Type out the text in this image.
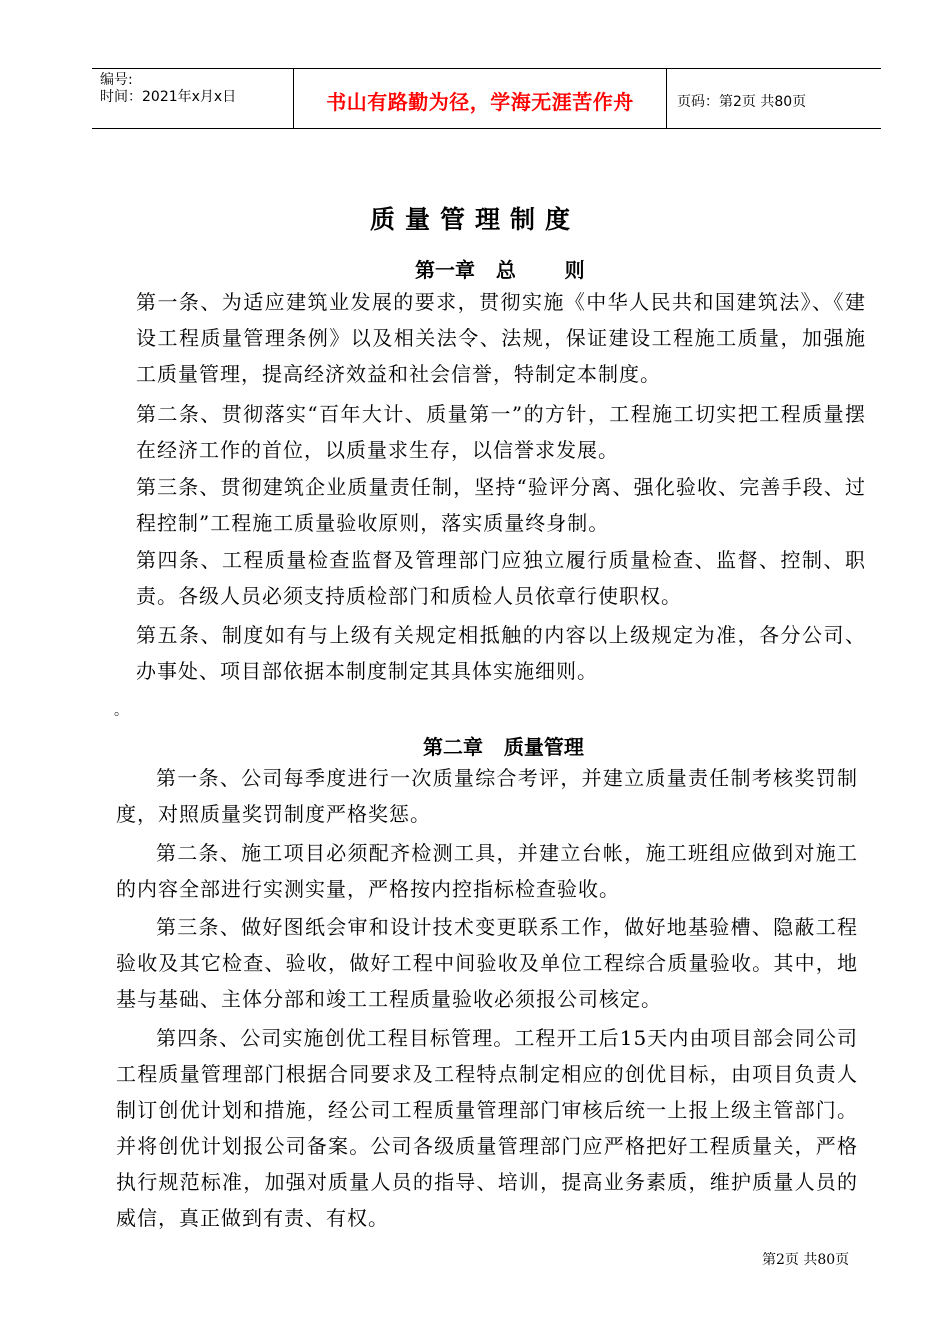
编号:
时间：2021年x月x日	书山有路勤为径，学海无涯苦作舟	页码：第2页 共80页
质量管理制度
第一章   总       则
第一条、为适应建筑业发展的要求，贯彻实施《中华人民共和国建筑法》、《建设工程质量管理条例》以及相关法令、法规，保证建设工程施工质量，加强施工质量管理，提高经济效益和社会信誉，特制定本制度。
第二条、贯彻落实“百年大计、质量第一”的方针，工程施工切实把工程质量摆在经济工作的首位，以质量求生存，以信誉求发展。
第三条、贯彻建筑企业质量责任制，坚持“验评分离、强化验收、完善手段、过程控制”工程施工质量验收原则，落实质量终身制。
第四条、工程质量检查监督及管理部门应独立履行质量检查、监督、控制、职责。各级人员必须支持质检部门和质检人员依章行使职权。
第五条、制度如有与上级有关规定相抵触的内容以上级规定为准，各分公司、办事处、项目部依据本制度制定其具体实施细则。
。
第二章   质量管理
第一条、公司每季度进行一次质量综合考评，并建立质量责任制考核奖罚制度，对照质量奖罚制度严格奖惩。
第二条、施工项目必须配齐检测工具，并建立台帐，施工班组应做到对施工的内容全部进行实测实量，严格按内控指标检查验收。
第三条、做好图纸会审和设计技术变更联系工作，做好地基验槽、隐蔽工程验收及其它检查、验收，做好工程中间验收及单位工程综合质量验收。其中，地基与基础、主体分部和竣工工程质量验收必须报公司核定。
第四条、公司实施创优工程目标管理。工程开工后15天内由项目部会同公司工程质量管理部门根据合同要求及工程特点制定相应的创优目标，由项目负责人制订创优计划和措施，经公司工程质量管理部门审核后统一上报上级主管部门。并将创优计划报公司备案。公司各级质量管理部门应严格把好工程质量关，严格执行规范标准，加强对质量人员的指导、培训，提高业务素质，维护质量人员的威信，真正做到有责、有权。
第2页 共80页
